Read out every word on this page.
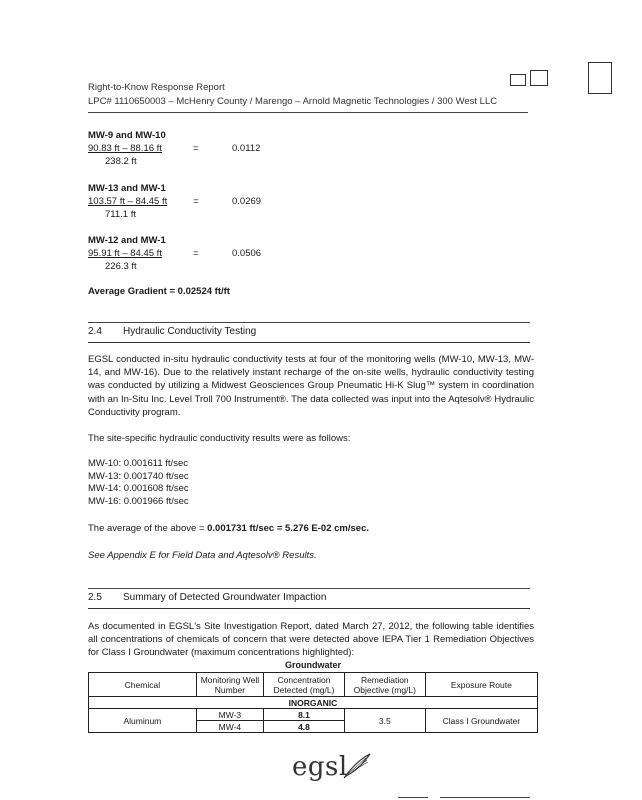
Right-to-Know Response Report
LPC# 1110650003 – McHenry County / Marengo – Arnold Magnetic Technologies / 300 West LLC
MW-9 and MW-10
90.83 ft – 88.16 ft	=	0.0112
238.2 ft
MW-13 and MW-1
103.57 ft – 84.45 ft	=	0.0269
711.1 ft
MW-12 and MW-1
95.91 ft – 84.45 ft	=	0.0506
226.3 ft
Average Gradient = 0.02524 ft/ft
2.4 Hydraulic Conductivity Testing
EGSL conducted in-situ hydraulic conductivity tests at four of the monitoring wells (MW-10, MW-13, MW-14, and MW-16). Due to the relatively instant recharge of the on-site wells, hydraulic conductivity testing was conducted by utilizing a Midwest Geosciences Group Pneumatic Hi-K Slug™ system in coordination with an In-Situ Inc. Level Troll 700 Instrument®. The data collected was input into the Aqtesolv® Hydraulic Conductivity program.
The site-specific hydraulic conductivity results were as follows:
MW-10: 0.001611 ft/sec
MW-13: 0.001740 ft/sec
MW-14: 0.001608 ft/sec
MW-16: 0.001966 ft/sec
The average of the above = 0.001731 ft/sec = 5.276 E-02 cm/sec.
See Appendix E for Field Data and Aqtesolv® Results.
2.5 Summary of Detected Groundwater Impaction
As documented in EGSL's Site Investigation Report, dated March 27, 2012, the following table identifies all concentrations of chemicals of concern that were detected above IEPA Tier 1 Remediation Objectives for Class I Groundwater (maximum concentrations highlighted):
Groundwater
Chemical	Monitoring Well Number	Concentration Detected (mg/L)	Remediation Objective (mg/L)	Exposure Route
INORGANIC				
Aluminum	MW-3	8.1	3.5	Class I Groundwater
	MW-4	4.8		
egsl
